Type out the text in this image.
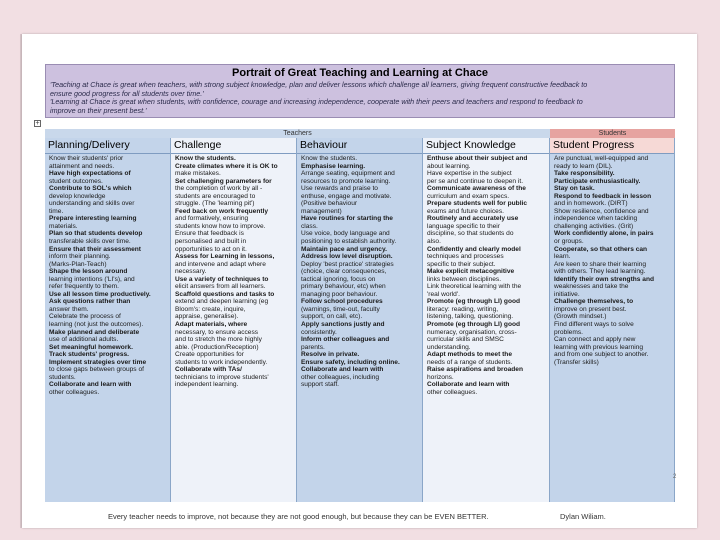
Portrait of Great Teaching and Learning at Chace
'Teaching at Chace is great when teachers, with strong subject knowledge, plan and deliver lessons which challenge all learners, giving frequent constructive feedback to
ensure good progress for all students over time.'
'Learning at Chace is great when students, with confidence, courage and increasing independence, cooperate with their peers and teachers and respond to feedback to
improve on their present best.'
+
Teachers	Students
Planning/Delivery
Know their students' prior
attainment and needs.
Have high expectations of
student outcomes.
Contribute to SOL's which
develop knowledge
understanding and skills over
time.
Prepare interesting learning
materials.
Plan so that students develop
transferable skills over time.
Ensure that their assessment
inform their planning.
(Marks-Plan-Teach)
Shape the lesson around
learning intentions ('LI's), and
refer frequently to them.
Use all lesson time productively.
Ask questions rather than
answer them.
Celebrate the process of
learning (not just the outcomes).
Make planned and deliberate
use of additional adults.
Set meaningful homework.
Track students' progress.
Implement strategies over time
to close gaps between groups of
students.
Collaborate and learn with
other colleagues.
Challenge
Know the students.
Create climates where it is OK to
make mistakes.
Set challenging parameters for
the completion of work by all -
students are encouraged to
struggle. (The 'learning pit')
Feed back on work frequently
and formatively, ensuring
students know how to improve.
Ensure that feedback is
personalised and built in
opportunities to act on it.
Assess for Learning in lessons,
and intervene and adapt where
necessary.
Use a variety of techniques to
elicit answers from all learners.
Scaffold questions and tasks to
extend and deepen learning (eg
Bloom's: create, inquire,
appraise, generalise).
Adapt materials, where
necessary, to ensure access
and to stretch the more highly
able. (Production/Reception)
Create opportunities for
students to work independently.
Collaborate with TAs/
technicians to improve students'
independent learning.
Behaviour
Know the students.
Emphasise learning.
Arrange seating, equipment and
resources to promote learning.
Use rewards and praise to
enthuse, engage and motivate.
(Positive behaviour
management)
Have routines for starting the
class.
Use voice, body language and
positioning to establish authority.
Maintain pace and urgency.
Address low level disruption.
Deploy 'best practice' strategies
(choice, clear consequences,
tactical ignoring, focus on
primary behaviour, etc) when
managing poor behaviour.
Follow school procedures
(warnings, time-out, faculty
support, on call, etc).
Apply sanctions justly and
consistently.
Inform other colleagues and
parents.
Resolve in private.
Ensure safety, including online.
Collaborate and learn with
other colleagues, including
support staff.
Subject Knowledge
Enthuse about their subject and
about learning.
Have expertise in the subject
per se and continue to deepen it.
Communicate awareness of the
curriculum and exam specs.
Prepare students well for public
exams and future choices.
Routinely and accurately use
language specific to their
discipline, so that students do
also.
Confidently and clearly model
techniques and processes
specific to their subject.
Make explicit metacognitive
links between disciplines.
Link theoretical learning with the
'real world'.
Promote (eg through LI) good
literacy: reading, writing,
listening, talking, questioning.
Promote (eg through LI) good
numeracy, organisation, cross-
curricular skills and SMSC
understanding.
Adapt methods to meet the
needs of a range of students.
Raise aspirations and broaden
horizons.
Collaborate and learn with
other colleagues.
Student Progress
Are punctual, well-equipped and
ready to learn (DIL).
Take responsibility.
Participate enthusiastically.
Stay on task.
Respond to feedback in lesson
and in homework. (DIRT)
Show resilience, confidence and
independence when tackling
challenging activities. (Grit)
Work confidently alone, in pairs
or groups.
Cooperate, so that others can
learn.
Are keen to share their learning
with others. They lead learning.
Identify their own strengths and
weaknesses and take the
initiative.
Challenge themselves, to
improve on present best.
(Growth mindset.)
Find different ways to solve
problems.
Can connect and apply new
learning with previous learning
and from one subject to another.
(Transfer skills)
2
Every teacher needs to improve, not because they are not good enough, but because they can be EVEN BETTER.	Dylan Wiliam.
